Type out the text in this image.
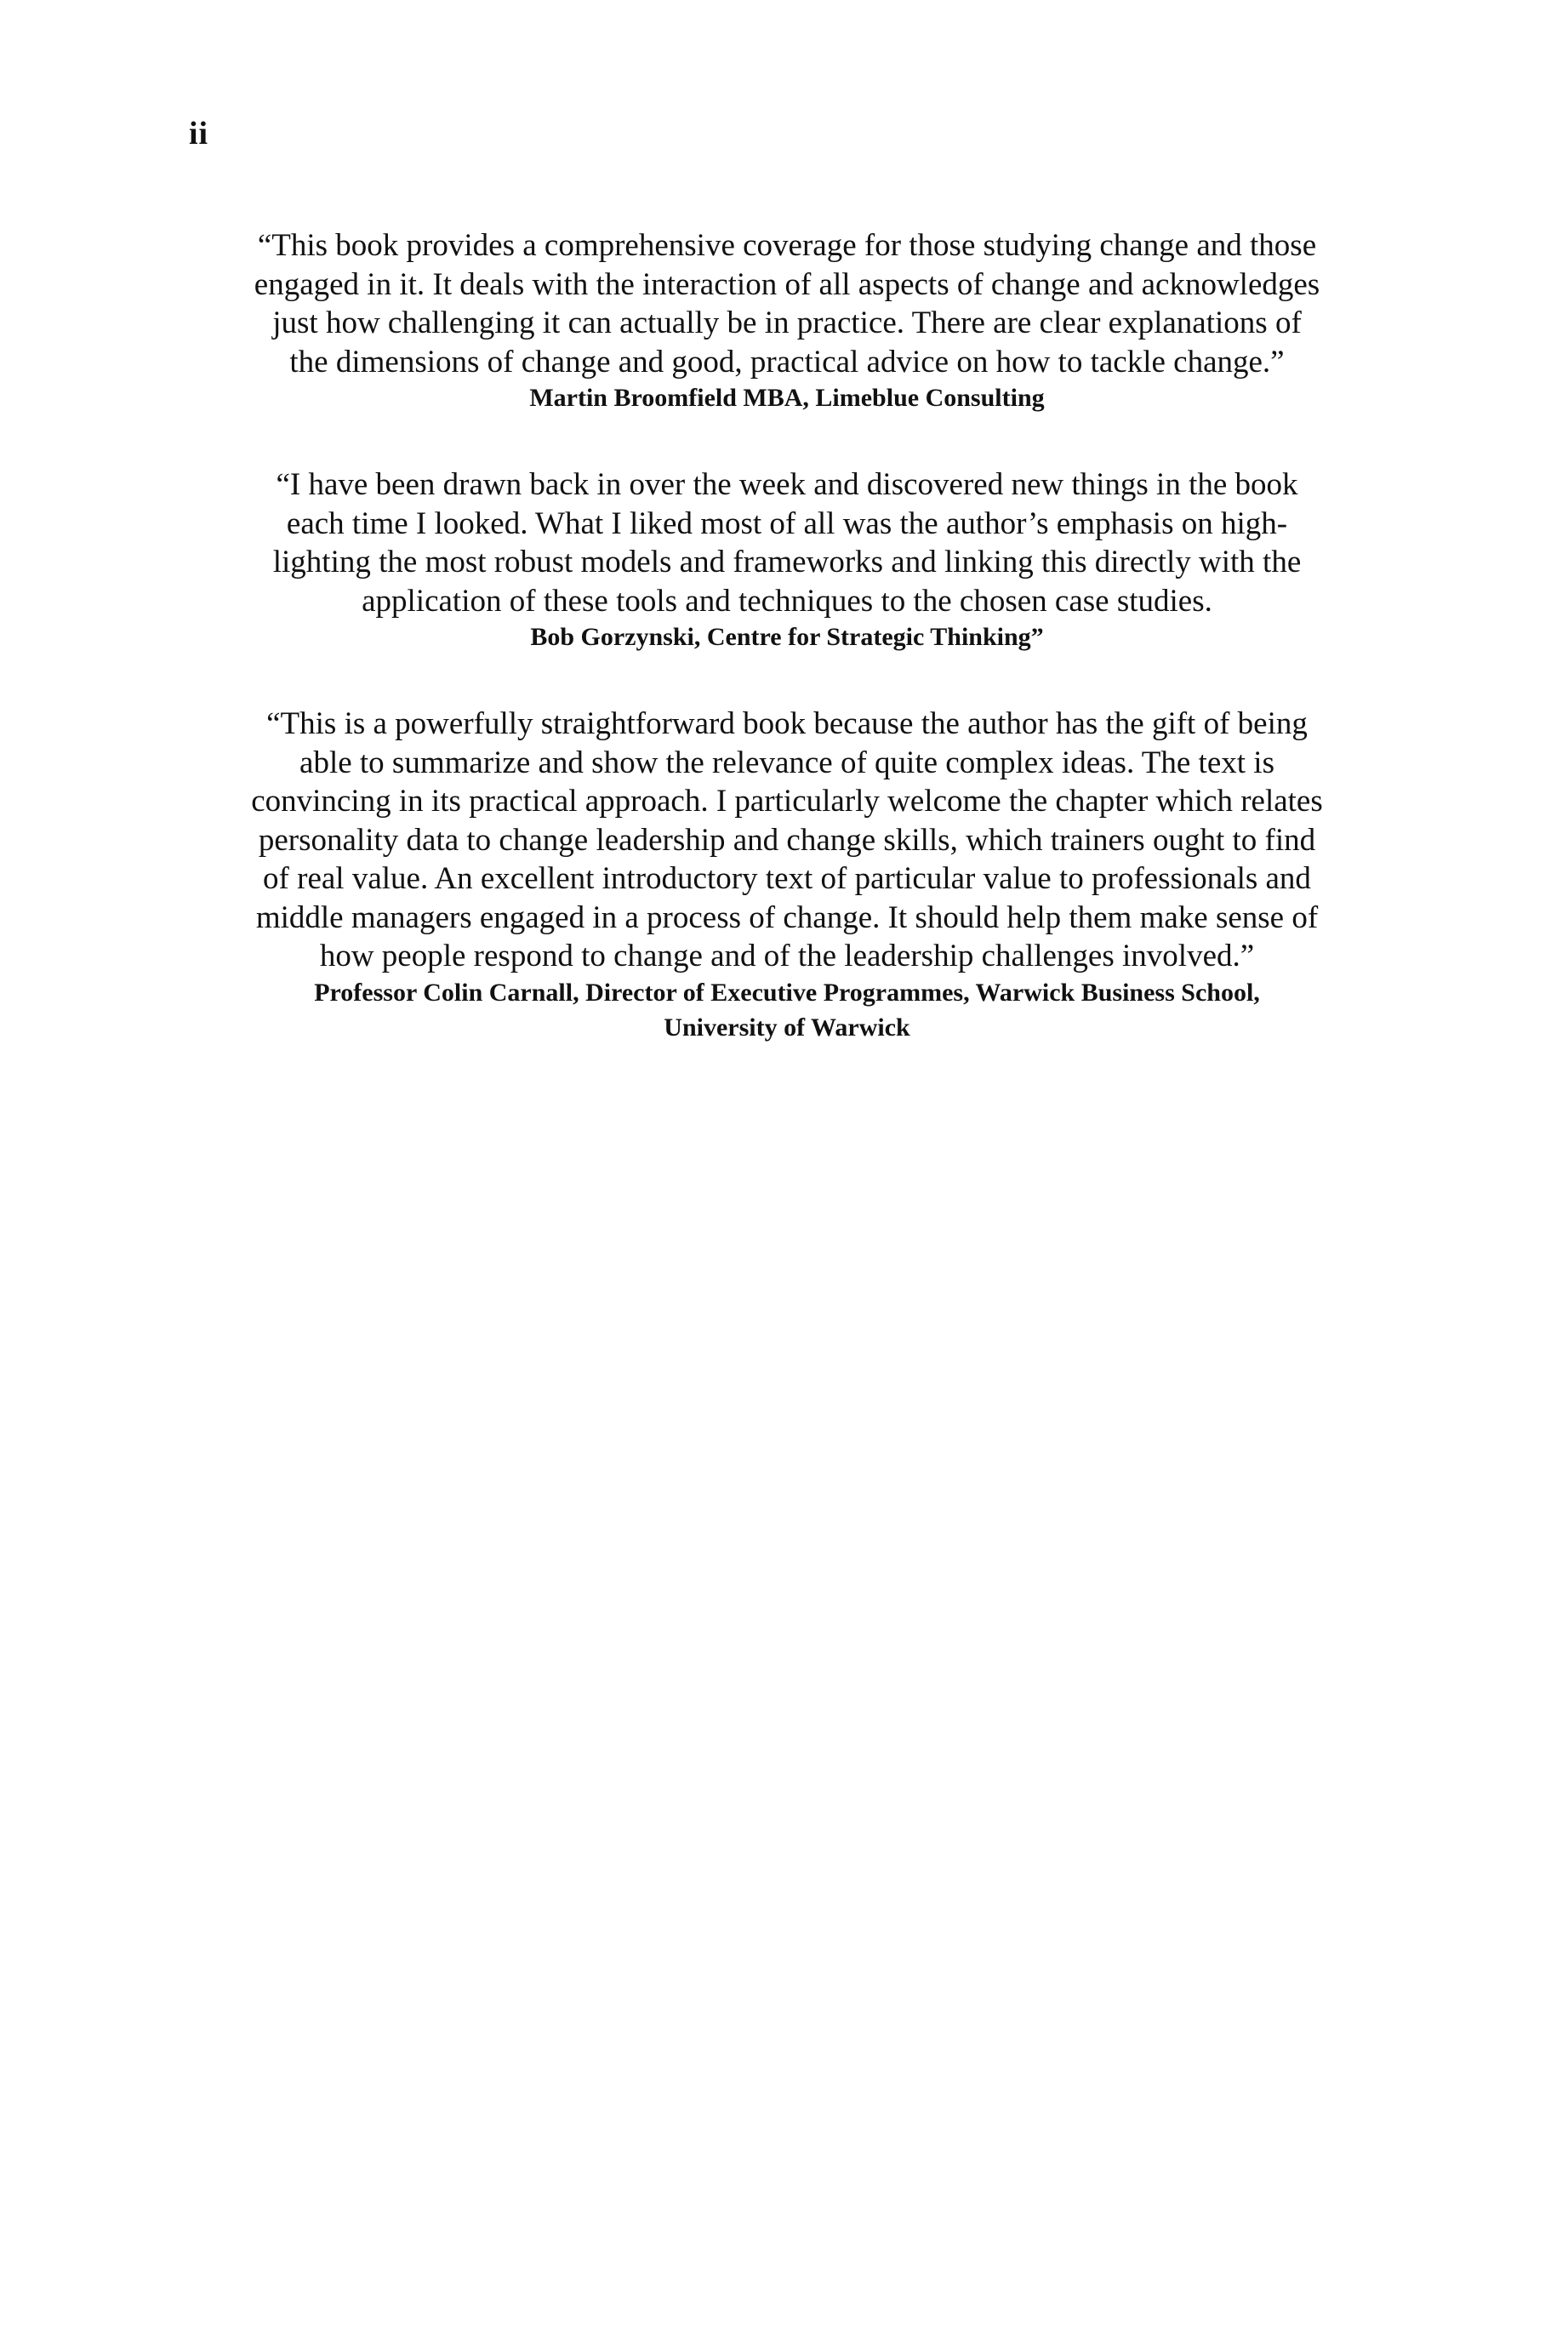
ii
“This book provides a comprehensive coverage for those studying change and those
engaged in it. It deals with the interaction of all aspects of change and acknowledges
just how challenging it can actually be in practice. There are clear explanations of
the dimensions of change and good, practical advice on how to tackle change.”
Martin Broomfield MBA, Limeblue Consulting
“I have been drawn back in over the week and discovered new things in the book
each time I looked. What I liked most of all was the author’s emphasis on high-
lighting the most robust models and frameworks and linking this directly with the
application of these tools and techniques to the chosen case studies.
Bob Gorzynski, Centre for Strategic Thinking”
“This is a powerfully straightforward book because the author has the gift of being
able to summarize and show the relevance of quite complex ideas. The text is
convincing in its practical approach. I particularly welcome the chapter which relates
personality data to change leadership and change skills, which trainers ought to find
of real value. An excellent introductory text of particular value to professionals and
middle managers engaged in a process of change. It should help them make sense of
how people respond to change and of the leadership challenges involved.”
Professor Colin Carnall, Director of Executive Programmes, Warwick Business School,
University of Warwick
